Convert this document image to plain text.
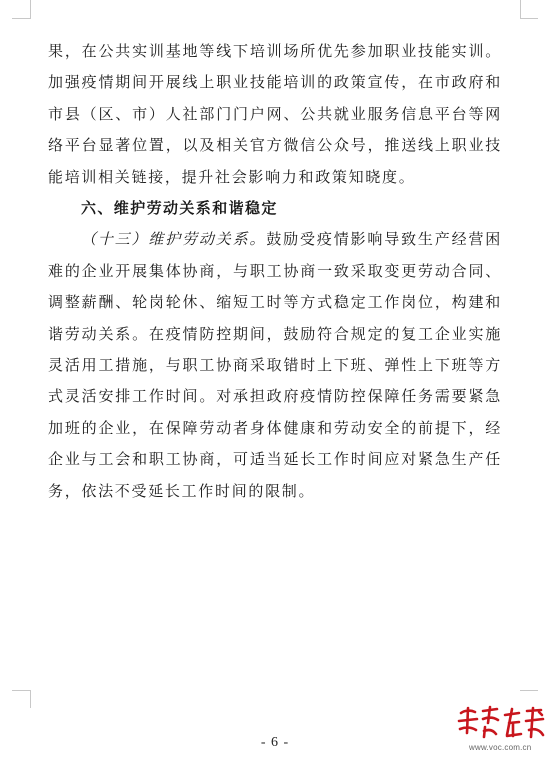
果，在公共实训基地等线下培训场所优先参加职业技能实训。加强疫情期间开展线上职业技能培训的政策宣传，在市政府和市县（区、市）人社部门门户网、公共就业服务信息平台等网络平台显著位置，以及相关官方微信公众号，推送线上职业技能培训相关链接，提升社会影响力和政策知晓度。

六、维护劳动关系和谐稳定

（十三）维护劳动关系。鼓励受疫情影响导致生产经营困难的企业开展集体协商，与职工协商一致采取变更劳动合同、调整薪酬、轮岗轮休、缩短工时等方式稳定工作岗位，构建和谐劳动关系。在疫情防控期间，鼓励符合规定的复工企业实施灵活用工措施，与职工协商采取错时上下班、弹性上下班等方式灵活安排工作时间。对承担政府疫情防控保障任务需要紧急加班的企业，在保障劳动者身体健康和劳动安全的前提下，经企业与工会和职工协商，可适当延长工作时间应对紧急生产任务，依法不受延长工作时间的限制。

- 6 -	www.voc.com.cn
